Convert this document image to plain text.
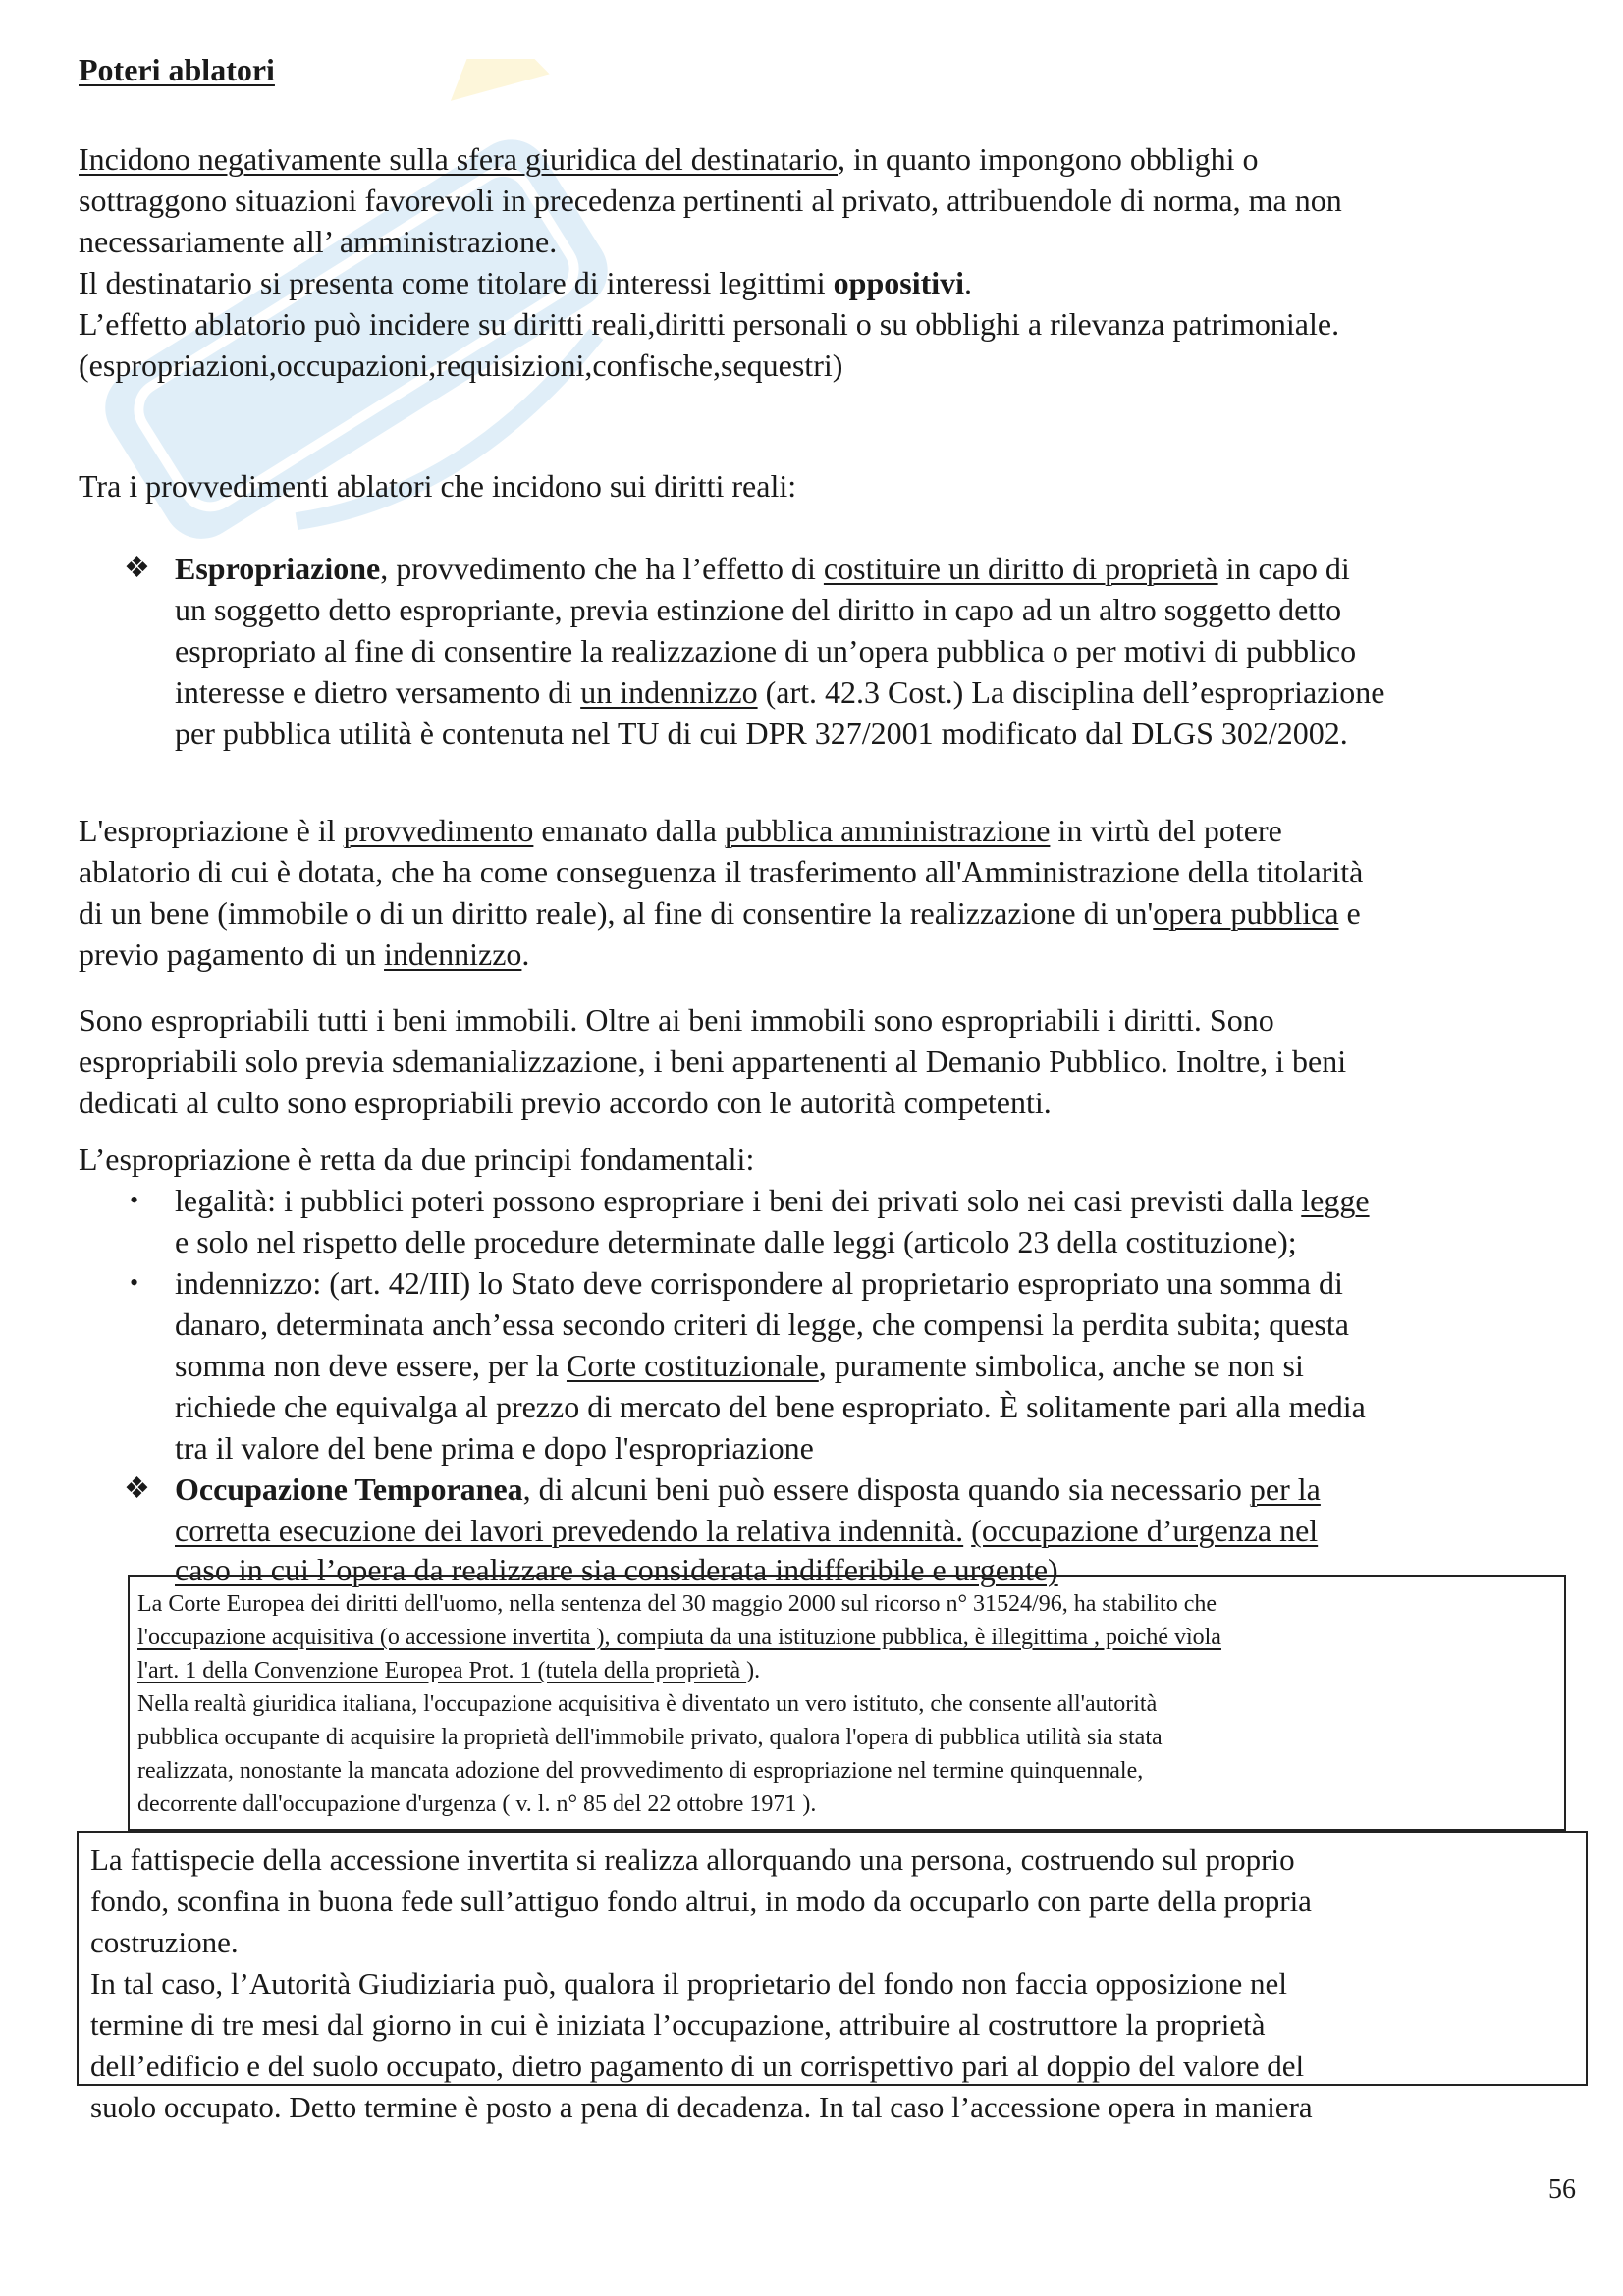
Poteri ablatori
Incidono negativamente sulla sfera giuridica del destinatario, in quanto impongono obblighi o
sottraggono situazioni favorevoli in precedenza pertinenti al privato, attribuendole di norma, ma non
necessariamente all’ amministrazione.
Il destinatario si presenta come titolare di interessi legittimi oppositivi.
L’effetto ablatorio può incidere su diritti reali,diritti personali o su obblighi a rilevanza patrimoniale.
(espropriazioni,occupazioni,requisizioni,confische,sequestri)
Tra i provvedimenti ablatori che incidono sui diritti reali:
❖ Espropriazione, provvedimento che ha l’effetto di costituire un diritto di proprietà in capo di
un soggetto detto espropriante, previa estinzione del diritto in capo ad un altro soggetto detto
espropriato al fine di consentire la realizzazione di un’opera pubblica o per motivi di pubblico
interesse e dietro versamento di un indennizzo (art. 42.3 Cost.) La disciplina dell’espropriazione
per pubblica utilità è contenuta nel TU di cui DPR 327/2001 modificato dal DLGS 302/2002.
L'espropriazione è il provvedimento emanato dalla pubblica amministrazione in virtù del potere
ablatorio di cui è dotata, che ha come conseguenza il trasferimento all'Amministrazione della titolarità
di un bene (immobile o di un diritto reale), al fine di consentire la realizzazione di un'opera pubblica e
previo pagamento di un indennizzo.
Sono espropriabili tutti i beni immobili. Oltre ai beni immobili sono espropriabili i diritti. Sono
espropriabili solo previa sdemanializzazione, i beni appartenenti al Demanio Pubblico. Inoltre, i beni
dedicati al culto sono espropriabili previo accordo con le autorità competenti.
L’espropriazione è retta da due principi fondamentali:
• legalità: i pubblici poteri possono espropriare i beni dei privati solo nei casi previsti dalla legge
e solo nel rispetto delle procedure determinate dalle leggi (articolo 23 della costituzione);
• indennizzo: (art. 42/III) lo Stato deve corrispondere al proprietario espropriato una somma di
danaro, determinata anch’essa secondo criteri di legge, che compensi la perdita subita; questa
somma non deve essere, per la Corte costituzionale, puramente simbolica, anche se non si
richiede che equivalga al prezzo di mercato del bene espropriato. È solitamente pari alla media
tra il valore del bene prima e dopo l'espropriazione
❖ Occupazione Temporanea, di alcuni beni può essere disposta quando sia necessario per la
corretta esecuzione dei lavori prevedendo la relativa indennità. (occupazione d’urgenza nel
caso in cui l’opera da realizzare sia considerata indifferibile e urgente)
La Corte Europea dei diritti dell'uomo, nella sentenza del 30 maggio 2000 sul ricorso n° 31524/96, ha stabilito che
l'occupazione acquisitiva (o accessione invertita ), compiuta da una istituzione pubblica, è illegittima , poiché vìola
l'art. 1 della Convenzione Europea Prot. 1 (tutela della proprietà ).
Nella realtà giuridica italiana, l'occupazione acquisitiva è diventato un vero istituto, che consente all'autorità
pubblica occupante di acquisire la proprietà dell'immobile privato, qualora l'opera di pubblica utilità sia stata
realizzata, nonostante la mancata adozione del provvedimento di espropriazione nel termine quinquennale,
decorrente dall'occupazione d'urgenza ( v. l. n° 85 del 22 ottobre 1971 ).
La fattispecie della accessione invertita si realizza allorquando una persona, costruendo sul proprio
fondo, sconfina in buona fede sull’attiguo fondo altrui, in modo da occuparlo con parte della propria
costruzione.
In tal caso, l’Autorità Giudiziaria può, qualora il proprietario del fondo non faccia opposizione nel
termine di tre mesi dal giorno in cui è iniziata l’occupazione, attribuire al costruttore la proprietà
dell’edificio e del suolo occupato, dietro pagamento di un corrispettivo pari al doppio del valore del
suolo occupato. Detto termine è posto a pena di decadenza. In tal caso l’accessione opera in maniera
56
